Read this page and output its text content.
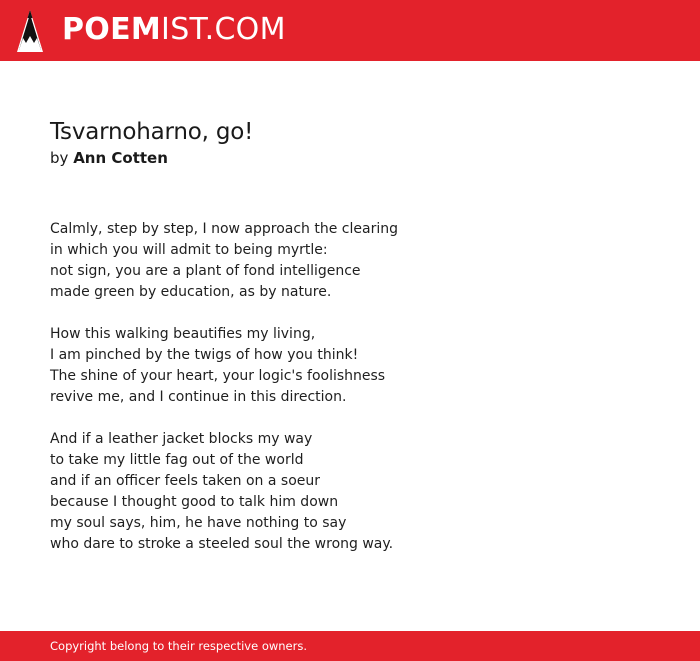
POEMIST.COM
Tsvarnoharno, go!
by Ann Cotten
Calmly, step by step, I now approach the clearing
in which you will admit to being myrtle:
not sign, you are a plant of fond intelligence
made green by education, as by nature.
How this walking beautifies my living,
I am pinched by the twigs of how you think!
The shine of your heart, your logic's foolishness
revive me, and I continue in this direction.
And if a leather jacket blocks my way
to take my little fag out of the world
and if an officer feels taken on a soeur
because I thought good to talk him down
my soul says, him, he have nothing to say
who dare to stroke a steeled soul the wrong way.
Copyright belong to their respective owners.
